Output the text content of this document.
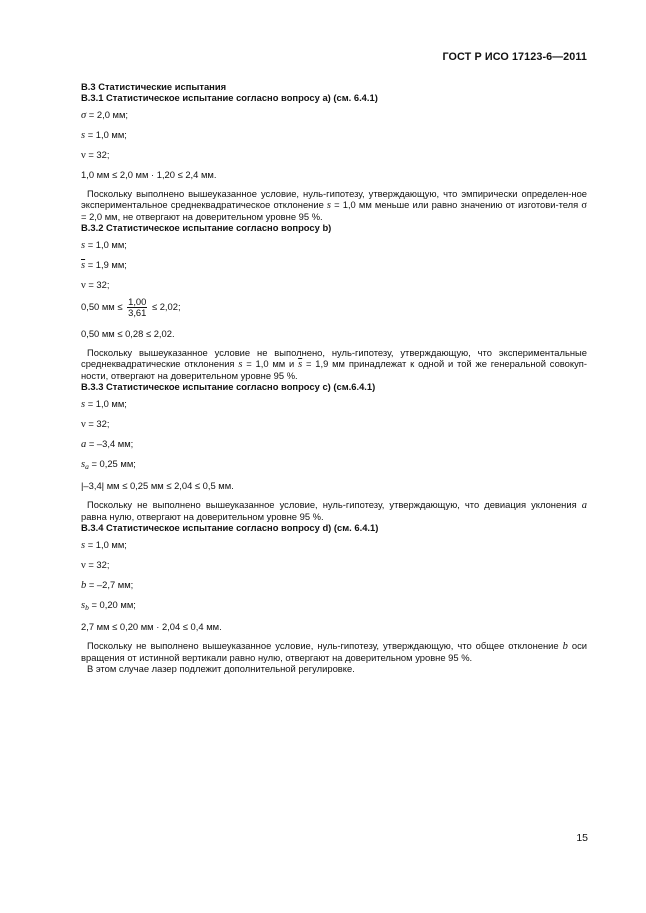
ГОСТ Р ИСО 17123-6—2011

В.3 Статистические испытания

В.3.1 Статистическое испытание согласно вопросу а) (см. 6.4.1)

σ = 2,0 мм;

s = 1,0 мм;

ν = 32;

1,0 мм ≤ 2,0 мм · 1,20 ≤ 2,4 мм.

Поскольку выполнено вышеуказанное условие, нуль-гипотезу, утверждающую, что эмпирически определен-ное экспериментальное среднеквадратическое отклонение s = 1,0 мм меньше или равно значению от изготови-теля σ = 2,0 мм, не отвергают на доверительном уровне 95 %.

В.3.2 Статистическое испытание согласно вопросу b)

s = 1,0 мм;

$\overline{s} = 1,9$ мм;

ν = 32;

0,50 мм ≤ $\frac{1,00}{3,61} \le 2,02$;

0,50 мм ≤ 0,28 ≤ 2,02.

Поскольку вышеуказанное условие не выполнено, нуль-гипотезу, утверждающую, что экспериментальные среднеквадратические отклонения s = 1,0 мм и $\overline{s} = 1,9$ мм принадлежат к одной и той же генеральной совокуп-ности, отвергают на доверительном уровне 95 %.

В.3.3 Статистическое испытание согласно вопросу с) (см.6.4.1)

s = 1,0 мм;

ν = 32;

a = –3,4 мм;

$s_a = 0,25$ мм;

|–3,4| мм ≤ 0,25 мм ≤ 2,04 ≤ 0,5 мм.

Поскольку не выполнено вышеуказанное условие, нуль-гипотезу, утверждающую, что девиация уклонения a равна нулю, отвергают на доверительном уровне 95 %.

В.3.4 Статистическое испытание согласно вопросу d) (см. 6.4.1)

s = 1,0 мм;

ν = 32;

b = –2,7 мм;

$s_b = 0,20$ мм;

2,7 мм ≤ 0,20 мм · 2,04 ≤ 0,4 мм.

Поскольку не выполнено вышеуказанное условие, нуль-гипотезу, утверждающую, что общее отклонение b оси вращения от истинной вертикали равно нулю, отвергают на доверительном уровне 95 %.

В этом случае лазер подлежит дополнительной регулировке.

15
